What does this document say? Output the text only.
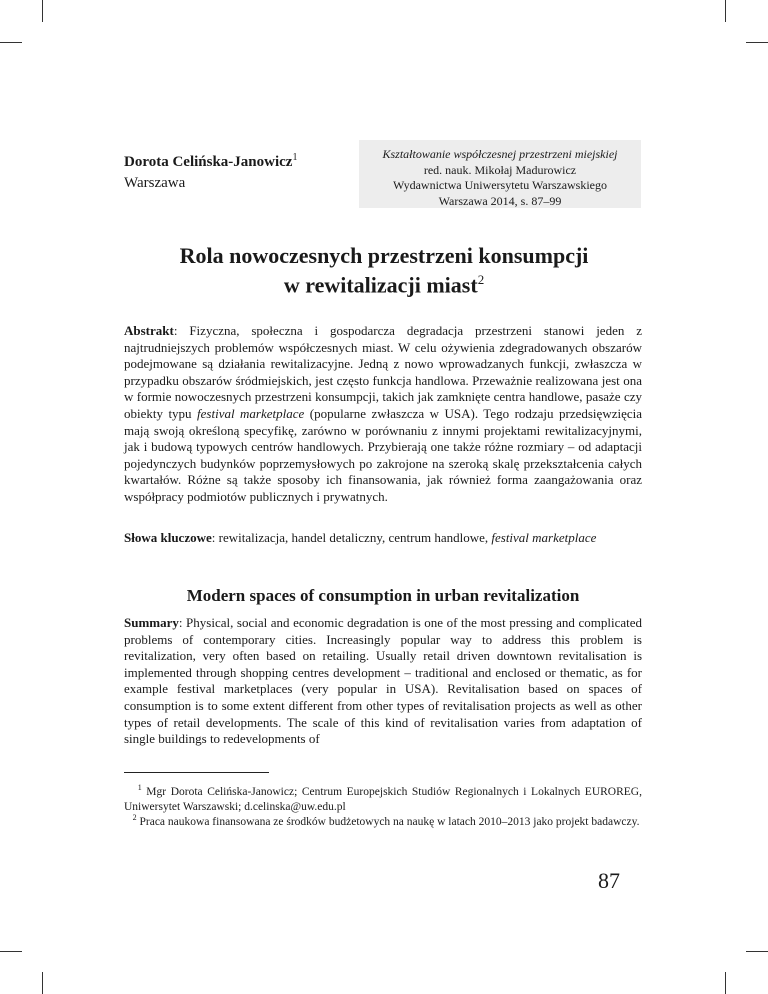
Dorota Celińska-Janowicz$^1$
Warszawa
Kształtowanie współczesnej przestrzeni miejskiej
red. nauk. Mikołaj Madurowicz
Wydawnictwa Uniwersytetu Warszawskiego
Warszawa 2014, s. 87–99
Rola nowoczesnych przestrzeni konsumpcji
w rewitalizacji miast$^2$
Abstrakt: Fizyczna, społeczna i gospodarcza degradacja przestrzeni stanowi jeden z najtrudniejszych problemów współczesnych miast. W celu ożywienia zdegradowanych obszarów podejmowane są działania rewitalizacyjne. Jedną z nowo wprowadzanych funkcji, zwłaszcza w przypadku obszarów śródmiejskich, jest często funkcja handlowa. Przeważnie realizowana jest ona w formie nowoczesnych przestrzeni konsumpcji, takich jak zamknięte centra handlowe, pasaże czy obiekty typu festival marketplace (popularne zwłaszcza w USA). Tego rodzaju przedsięwzięcia mają swoją określoną specyfikę, zarówno w porównaniu z innymi projektami rewitalizacyjnymi, jak i budową typowych centrów handlowych. Przybierają one także różne rozmiary – od adaptacji pojedynczych budynków poprzemysłowych po zakrojone na szeroką skalę przekształcenia całych kwartałów. Różne są także sposoby ich finansowania, jak również forma zaangażowania oraz współpracy podmiotów publicznych i prywatnych.
Słowa kluczowe: rewitalizacja, handel detaliczny, centrum handlowe, festival marketplace
Modern spaces of consumption in urban revitalization
Summary: Physical, social and economic degradation is one of the most pressing and complicated problems of contemporary cities. Increasingly popular way to address this problem is revitalization, very often based on retailing. Usually retail driven downtown revitalisation is implemented through shopping centres development – traditional and enclosed or thematic, as for example festival marketplaces (very popular in USA). Revitalisation based on spaces of consumption is to some extent different from other types of revitalisation projects as well as other types of retail developments. The scale of this kind of revitalisation varies from adaptation of single buildings to redevelopments of
$^1$ Mgr Dorota Celińska-Janowicz; Centrum Europejskich Studiów Regionalnych i Lokalnych EUROREG, Uniwersytet Warszawski; d.celinska@uw.edu.pl
$^2$ Praca naukowa finansowana ze środków budżetowych na naukę w latach 2010–2013 jako projekt badawczy.
87
